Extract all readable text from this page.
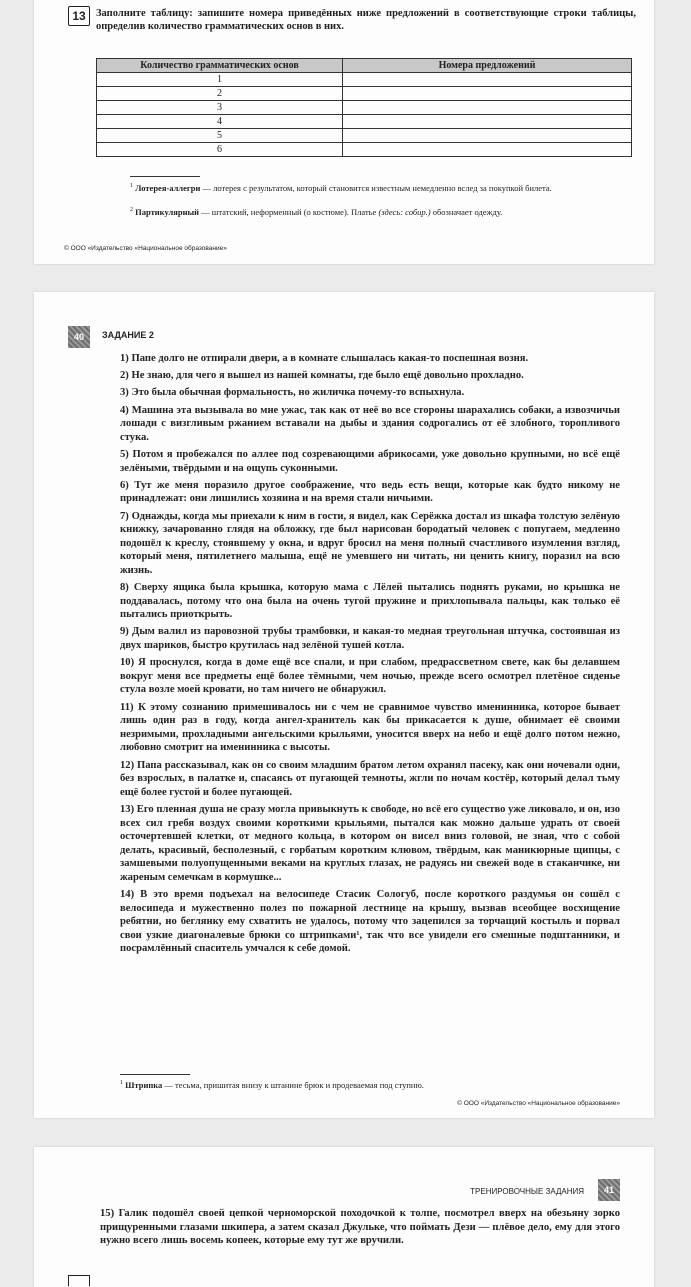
13 Заполните таблицу: запишите номера приведённых ниже предложений в соответствующие строки таблицы, определив количество грамматических основ в них.
Количество грамматических основ	Номера предложений
1	
2	
3	
4	
5	
6	
$^1$ Лотерея-аллегри — лотерея с результатом, который становится известным немедленно вслед за покупкой билета.
$^2$ Партикулярный — штатский, неформенный (о костюме). Платье (здесь: собир.) обозначает одежду.
© ООО «Издательство «Национальное образование»
40	ЗАДАНИЕ 2

1) Папе долго не отпирали двери, а в комнате слышалась какая-то поспешная возня.

2) Не знаю, для чего я вышел из нашей комнаты, где было ещё довольно прохладно.

3) Это была обычная формальность, но жиличка почему-то вспыхнула.

4) Машина эта вызывала во мне ужас, так как от неё во все стороны шарахались собаки, а извозчичьи лошади с визгливым ржанием вставали на дыбы и здания содрогались от её злобного, торопливого стука.

5) Потом я пробежался по аллее под созревающими абрикосами, уже довольно крупными, но всё ещё зелёными, твёрдыми и на ощупь суконными.

6) Тут же меня поразило другое соображение, что ведь есть вещи, которые как будто никому не принадлежат: они лишились хозяина и на время стали ничьими.

7) Однажды, когда мы приехали к ним в гости, я видел, как Серёжка достал из шкафа толстую зелёную книжку, зачарованно глядя на обложку, где был нарисован бородатый человек с попугаем, медленно подошёл к креслу, стоявшему у окна, и вдруг бросил на меня полный счастливого изумления взгляд, который меня, пятилетнего малыша, ещё не умевшего ни читать, ни ценить книгу, поразил на всю жизнь.

8) Сверху ящика была крышка, которую мама с Лёлей пытались поднять руками, но крышка не поддавалась, потому что она была на очень тугой пружине и прихлопывала пальцы, как только её пытались приоткрыть.

9) Дым валил из паровозной трубы трамбовки, и какая-то медная треугольная штучка, состоявшая из двух шариков, быстро крутилась над зелёной тушей котла.

10) Я проснулся, когда в доме ещё все спали, и при слабом, предрассветном свете, как бы делавшем вокруг меня все предметы ещё более тёмными, чем ночью, прежде всего осмотрел плетёное сиденье стула возле моей кровати, но там ничего не обнаружил.

11) К этому сознанию примешивалось ни с чем не сравнимое чувство именинника, которое бывает лишь один раз в году, когда ангел-хранитель как бы прикасается к душе, обнимает её своими незримыми, прохладными ангельскими крыльями, уносится вверх на небо и ещё долго потом нежно, любовно смотрит на именинника с высоты.

12) Папа рассказывал, как он со своим младшим братом летом охранял пасеку, как они ночевали одни, без взрослых, в палатке и, спасаясь от пугающей темноты, жгли по ночам костёр, который делал тьму ещё более густой и более пугающей.

13) Его пленная душа не сразу могла привыкнуть к свободе, но всё его существо уже ликовало, и он, изо всех сил гребя воздух своими короткими крыльями, пытался как можно дальше удрать от своей осточертевшей клетки, от медного кольца, в котором он висел вниз головой, не зная, что с собой делать, красивый, бесполезный, с горбатым коротким клювом, твёрдым, как маникюрные щипцы, с замшевыми полуопущенными веками на круглых глазах, не радуясь ни свежей воде в стаканчике, ни жареным семечкам в кормушке...

14) В это время подъехал на велосипеде Стасик Сологуб, после короткого раздумья он сошёл с велосипеда и мужественно полез по пожарной лестнице на крышу, вызвав всеобщее восхищение ребятни, но беглянку ему схватить не удалось, потому что зацепился за торчащий костыль и порвал свои узкие диагоналевые брюки со штрипками¹, так что все увидели его смешные подштанники, и посрамлённый спаситель умчался к себе домой.

$^1$ Штрипка — тесьма, пришитая внизу к штанине брюк и продеваемая под ступню.
© ООО «Издательство «Национальное образование»
ТРЕНИРОВОЧНЫЕ ЗАДАНИЯ	41
15) Галик подошёл своей цепкой черноморской походочкой к толпе, посмотрел вверх на обезьяну зорко прищуренными глазами шкипера, а затем сказал Джульке, что поймать Дези — плёвое дело, ему для этого нужно всего лишь восемь копеек, которые ему тут же вручили.
